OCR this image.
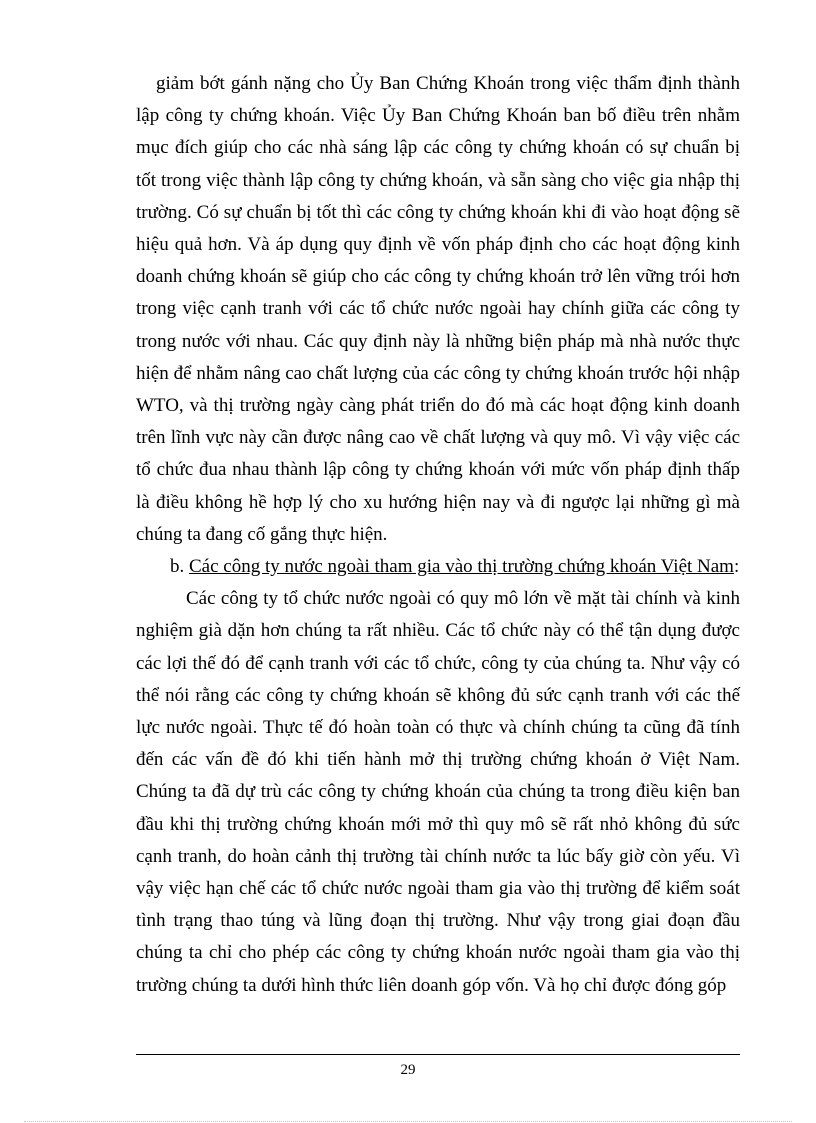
giảm bớt gánh nặng cho Ủy Ban Chứng Khoán trong việc thẩm định thành lập công ty chứng khoán. Việc Ủy Ban Chứng Khoán ban bố điều trên nhằm mục đích giúp cho các nhà sáng lập các công ty chứng khoán có sự chuẩn bị tốt trong việc thành lập công ty chứng khoán, và sẵn sàng cho việc gia nhập thị trường. Có sự chuẩn bị tốt thì các công ty chứng khoán khi đi vào hoạt động sẽ hiệu quả hơn. Và áp dụng quy định về vốn pháp định cho các hoạt động kinh doanh chứng khoán sẽ giúp cho các công ty chứng khoán trở lên vững trói hơn trong việc cạnh tranh với các tổ chức nước ngoài hay chính giữa các công ty trong nước với nhau. Các quy định này là những biện pháp mà nhà nước thực hiện để nhằm nâng cao chất lượng của các công ty chứng khoán trước hội nhập WTO, và thị trường ngày càng phát triển do đó mà các hoạt động kinh doanh trên lĩnh vực này cần được nâng cao về chất lượng và quy mô. Vì vậy việc các tổ chức đua nhau thành lập công ty chứng khoán với mức vốn pháp định thấp là điều không hề hợp lý cho xu hướng hiện nay và đi ngược lại những gì mà chúng ta đang cố gắng thực hiện.

b. Các công ty nước ngoài tham gia vào thị trường chứng khoán Việt Nam:

Các công ty tổ chức nước ngoài có quy mô lớn về mặt tài chính và kinh nghiệm già dặn hơn chúng ta rất nhiều. Các tổ chức này có thể tận dụng được các lợi thế đó để cạnh tranh với các tổ chức, công ty của chúng ta. Như vậy có thể nói rằng các công ty chứng khoán sẽ không đủ sức cạnh tranh với các thế lực nước ngoài. Thực tế đó hoàn toàn có thực và chính chúng ta cũng đã tính đến các vấn đề đó khi tiến hành mở thị trường chứng khoán ở Việt Nam. Chúng ta đã dự trù các công ty chứng khoán của chúng ta trong điều kiện ban đầu khi thị trường chứng khoán mới mở thì quy mô sẽ rất nhỏ không đủ sức cạnh tranh, do hoàn cảnh thị trường tài chính nước ta lúc bấy giờ còn yếu. Vì vậy việc hạn chế các tổ chức nước ngoài tham gia vào thị trường để kiểm soát tình trạng thao túng và lũng đoạn thị trường. Như vậy trong giai đoạn đầu chúng ta chỉ cho phép các công ty chứng khoán nước ngoài tham gia vào thị trường chúng ta dưới hình thức liên doanh góp vốn. Và họ chỉ được đóng góp

29
